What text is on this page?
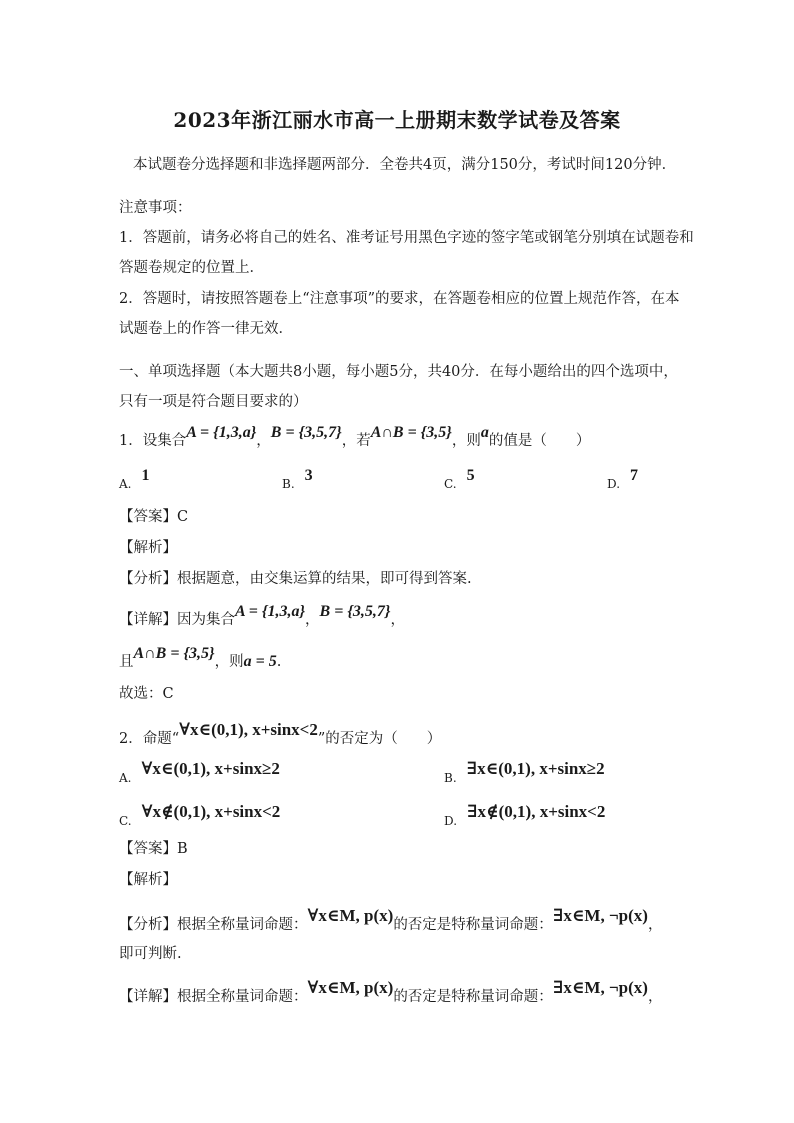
2023年浙江丽水市高一上册期末数学试卷及答案
本试题卷分选择题和非选择题两部分．全卷共4页，满分150分，考试时间120分钟．
注意事项：
1．答题前，请务必将自己的姓名、准考证号用黑色字迹的签字笔或钢笔分别填在试题卷和
答题卷规定的位置上．
2．答题时，请按照答题卷上“注意事项”的要求，在答题卷相应的位置上规范作答，在本
试题卷上的作答一律无效．
一、单项选择题（本大题共8小题，每小题5分，共40分．在每小题给出的四个选项中，
只有一项是符合题目要求的）
1．设集合A = {1,3,a}，B = {3,5,7}，若A∩B = {3,5}，则a的值是（　　）
A. 1	B. 3	C. 5	D. 7
【答案】C
【解析】
【分析】根据题意，由交集运算的结果，即可得到答案.
【详解】因为集合A = {1,3,a}，B = {3,5,7}，
且A∩B = {3,5}，则a = 5.
故选：C
2．命题“∀x∈(0,1), x+sinx<2”的否定为（　　）
A. ∀x∈(0,1), x+sinx≥2	B. ∃x∈(0,1), x+sinx≥2
C. ∀x∉(0,1), x+sinx<2	D. ∃x∉(0,1), x+sinx<2
【答案】B
【解析】
【分析】根据全称量词命题：∀x∈M, p(x)的否定是特称量词命题：∃x∈M, ¬p(x)，
即可判断.
【详解】根据全称量词命题：∀x∈M, p(x)的否定是特称量词命题：∃x∈M, ¬p(x)，
